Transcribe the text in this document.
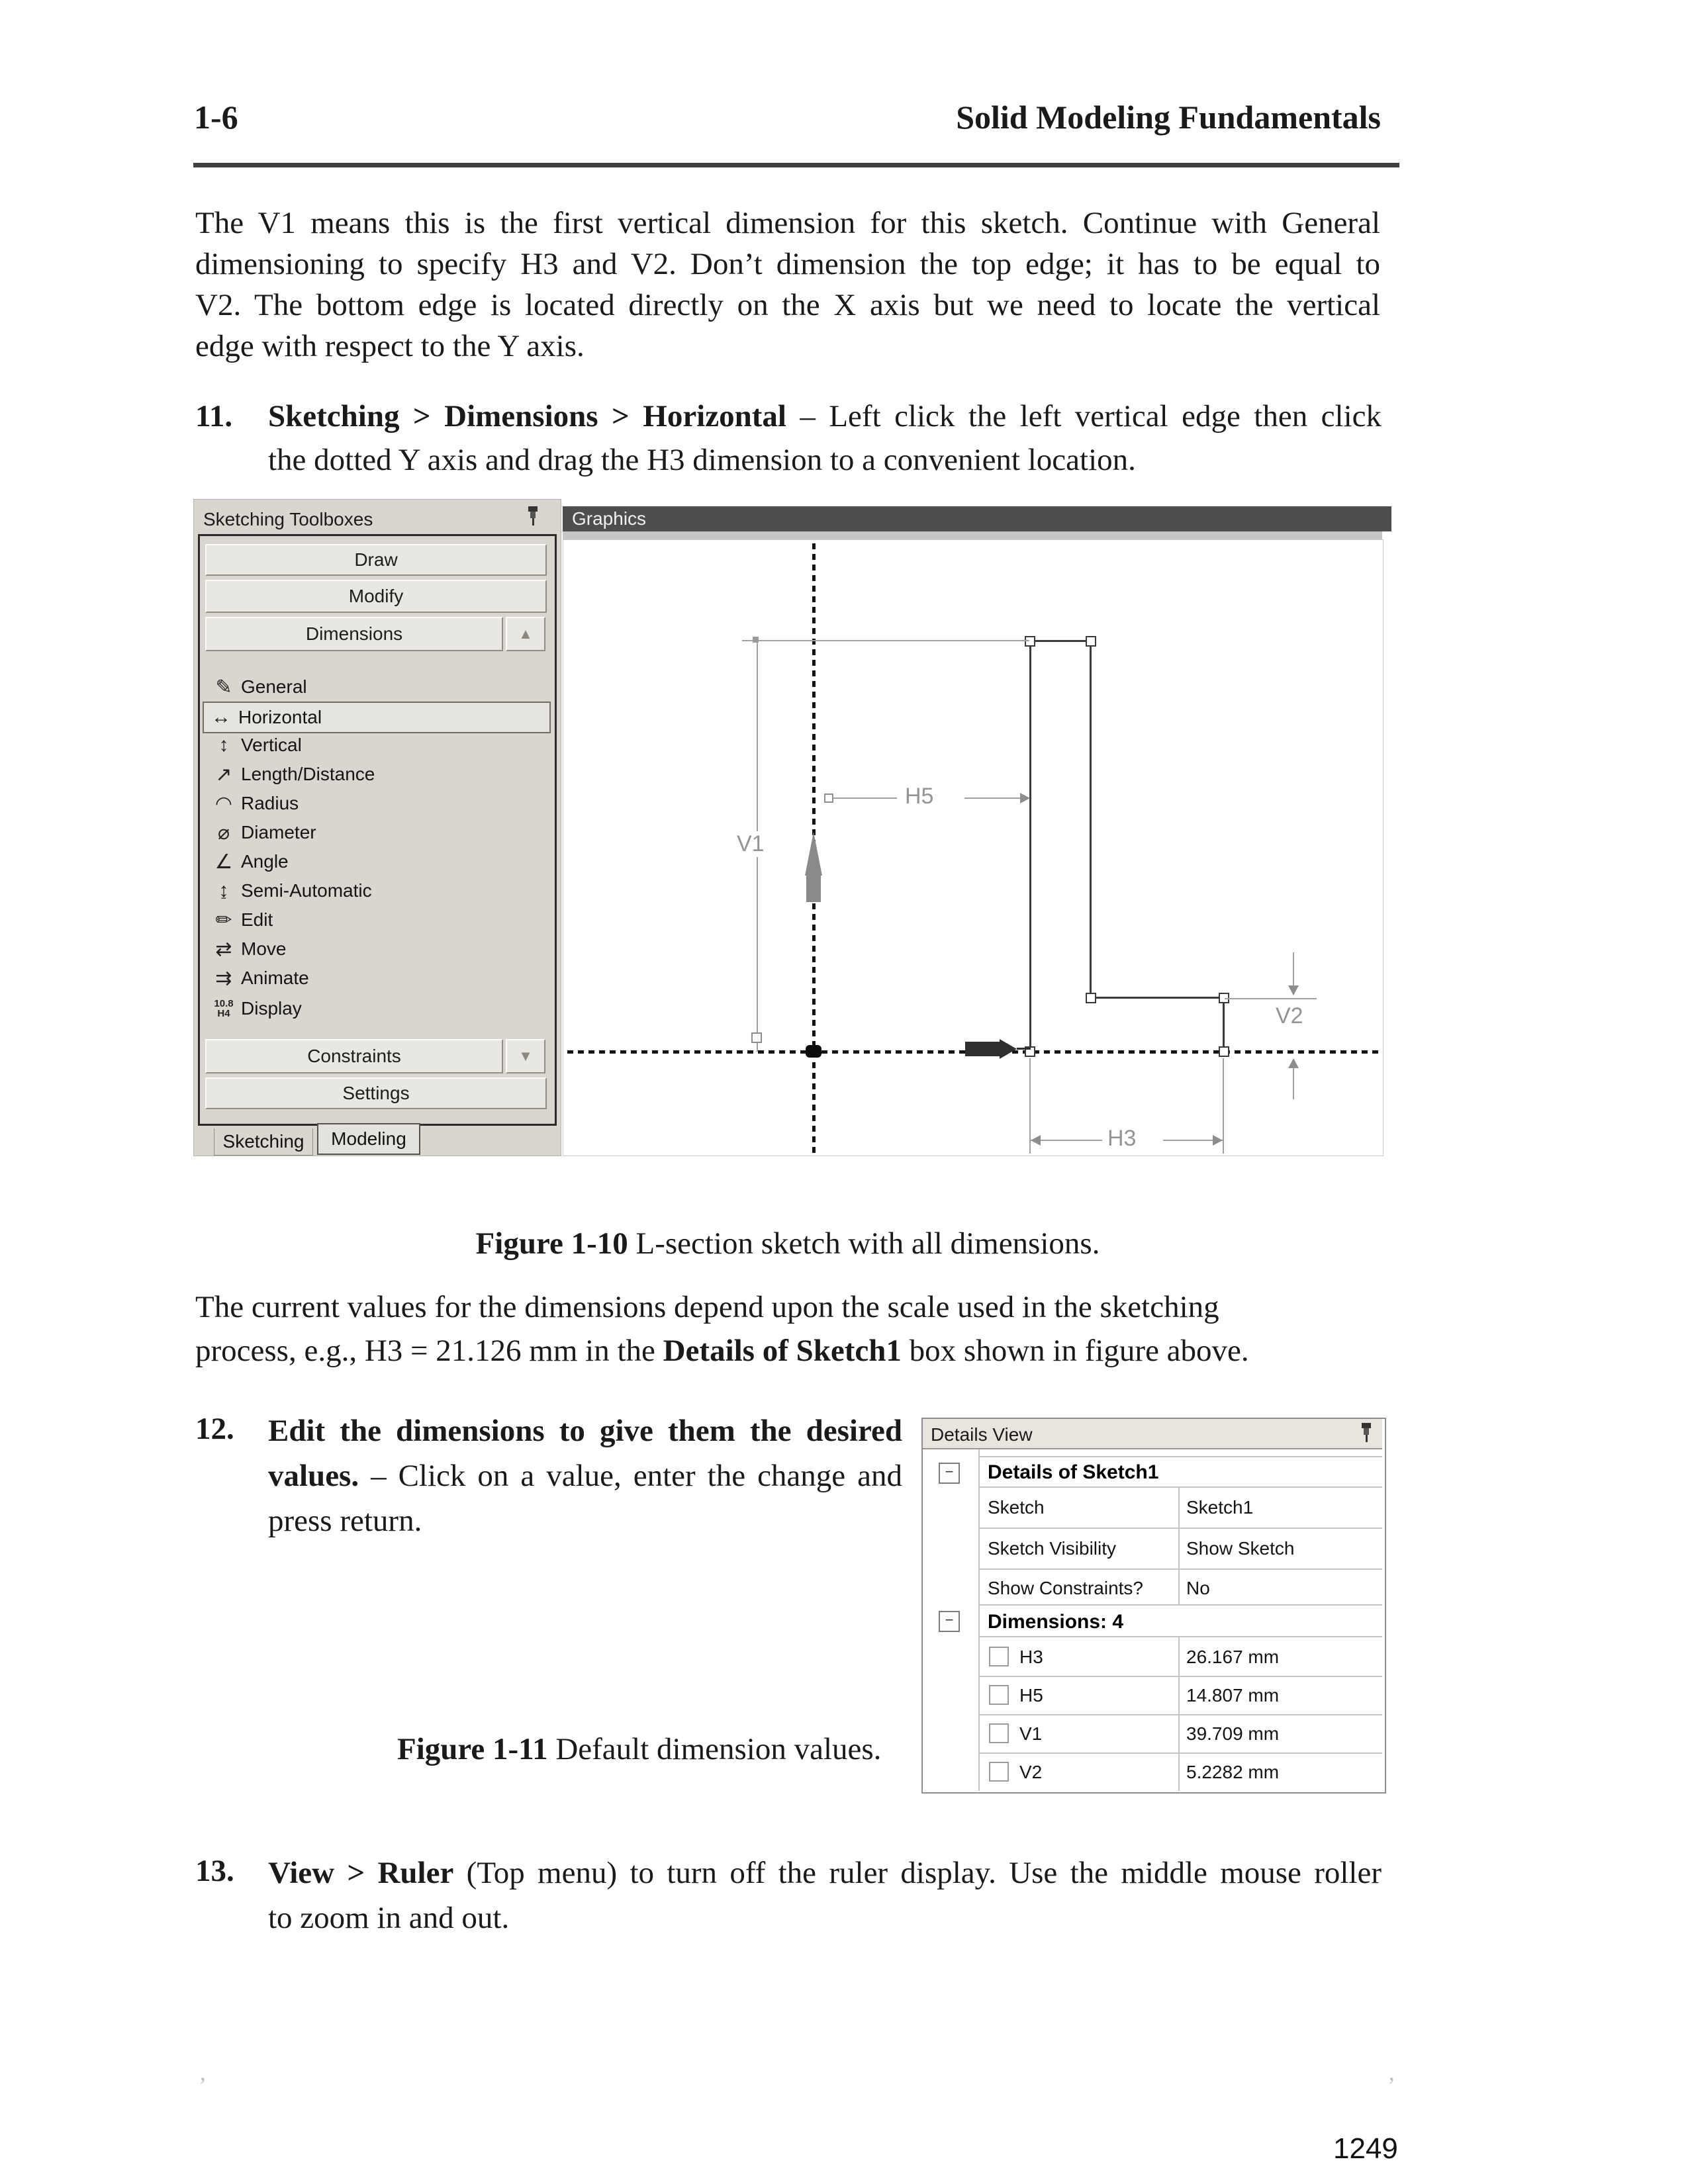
1-6	Solid Modeling Fundamentals
The V1 means this is the first vertical dimension for this sketch. Continue with General
dimensioning to specify H3 and V2. Don’t dimension the top edge; it has to be equal to
V2. The bottom edge is located directly on the X axis but we need to locate the vertical
edge with respect to the Y axis.
11. Sketching > Dimensions > Horizontal – Left click the left vertical edge then click
the dotted Y axis and drag the H3 dimension to a convenient location.
Sketching Toolboxes
Draw
Modify
Dimensions	▲
✎ General
↔ Horizontal
↕ Vertical
↗ Length/Distance
◠ Radius
⌀ Diameter
∠ Angle
↨ Semi-Automatic
✏ Edit
⇄ Move
⇉ Animate
10.8
H4 Display
Constraints	▼
Settings
Sketching	Modeling
Graphics
V1
H5
V2
H3
Figure 1-10 L-section sketch with all dimensions.
The current values for the dimensions depend upon the scale used in the sketching
process, e.g., H3 = 21.126 mm in the Details of Sketch1 box shown in figure above.
12. Edit the dimensions to give them the desired
values. – Click on a value, enter the change and
press return.
Details View
−	Details of Sketch1
Sketch	Sketch1
Sketch Visibility	Show Sketch
Show Constraints? No
−	Dimensions: 4
H3	26.167 mm
H5	14.807 mm
V1	39.709 mm
V2	5.2282 mm
Figure 1-11 Default dimension values.
13. View > Ruler (Top menu) to turn off the ruler display. Use the middle mouse roller
to zoom in and out.
’	’
1249
